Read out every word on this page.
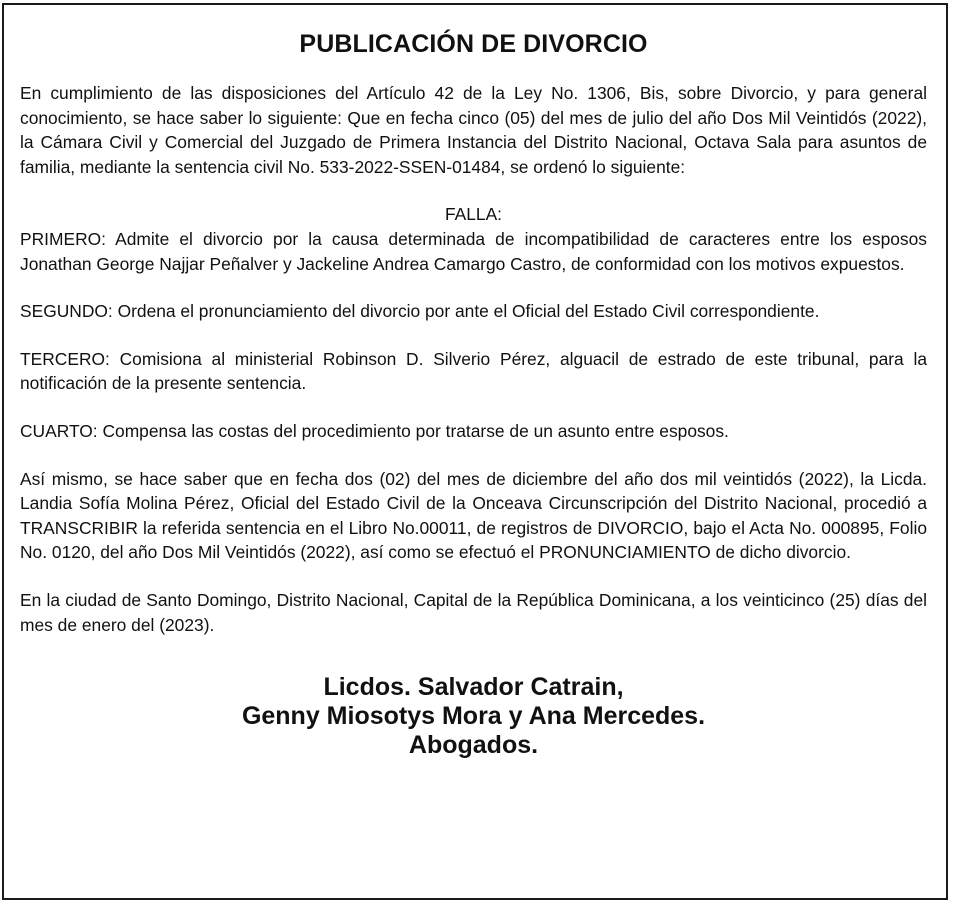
PUBLICACIÓN DE DIVORCIO

En cumplimiento de las disposiciones del Artículo 42 de la Ley No. 1306, Bis, sobre Divorcio, y para general conocimiento, se hace saber lo siguiente: Que en fecha cinco (05) del mes de julio del año Dos Mil Veintidós (2022), la Cámara Civil y Comercial del Juzgado de Primera Instancia del Distrito Nacional, Octava Sala para asuntos de familia, mediante la sentencia civil No. 533-2022-SSEN-01484, se ordenó lo siguiente:

FALLA:

PRIMERO: Admite el divorcio por la causa determinada de incompatibilidad de caracteres entre los esposos Jonathan George Najjar Peñalver y Jackeline Andrea Camargo Castro, de conformidad con los motivos expuestos.

SEGUNDO: Ordena el pronunciamiento del divorcio por ante el Oficial del Estado Civil correspondiente.

TERCERO: Comisiona al ministerial Robinson D. Silverio Pérez, alguacil de estrado de este tribunal, para la notificación de la presente sentencia.

CUARTO: Compensa las costas del procedimiento por tratarse de un asunto entre esposos.

Así mismo, se hace saber que en fecha dos (02) del mes de diciembre del año dos mil veintidós (2022), la Licda. Landia Sofía Molina Pérez, Oficial del Estado Civil de la Onceava Circunscripción del Distrito Nacional, procedió a TRANSCRIBIR la referida sentencia en el Libro No.00011, de registros de DIVORCIO, bajo el Acta No. 000895, Folio No. 0120, del año Dos Mil Veintidós (2022), así como se efectuó el PRONUNCIAMIENTO de dicho divorcio.

En la ciudad de Santo Domingo, Distrito Nacional, Capital de la República Dominicana, a los veinticinco (25) días del mes de enero del (2023).

Licdos. Salvador Catrain,
Genny Miosotys Mora y Ana Mercedes.
Abogados.
